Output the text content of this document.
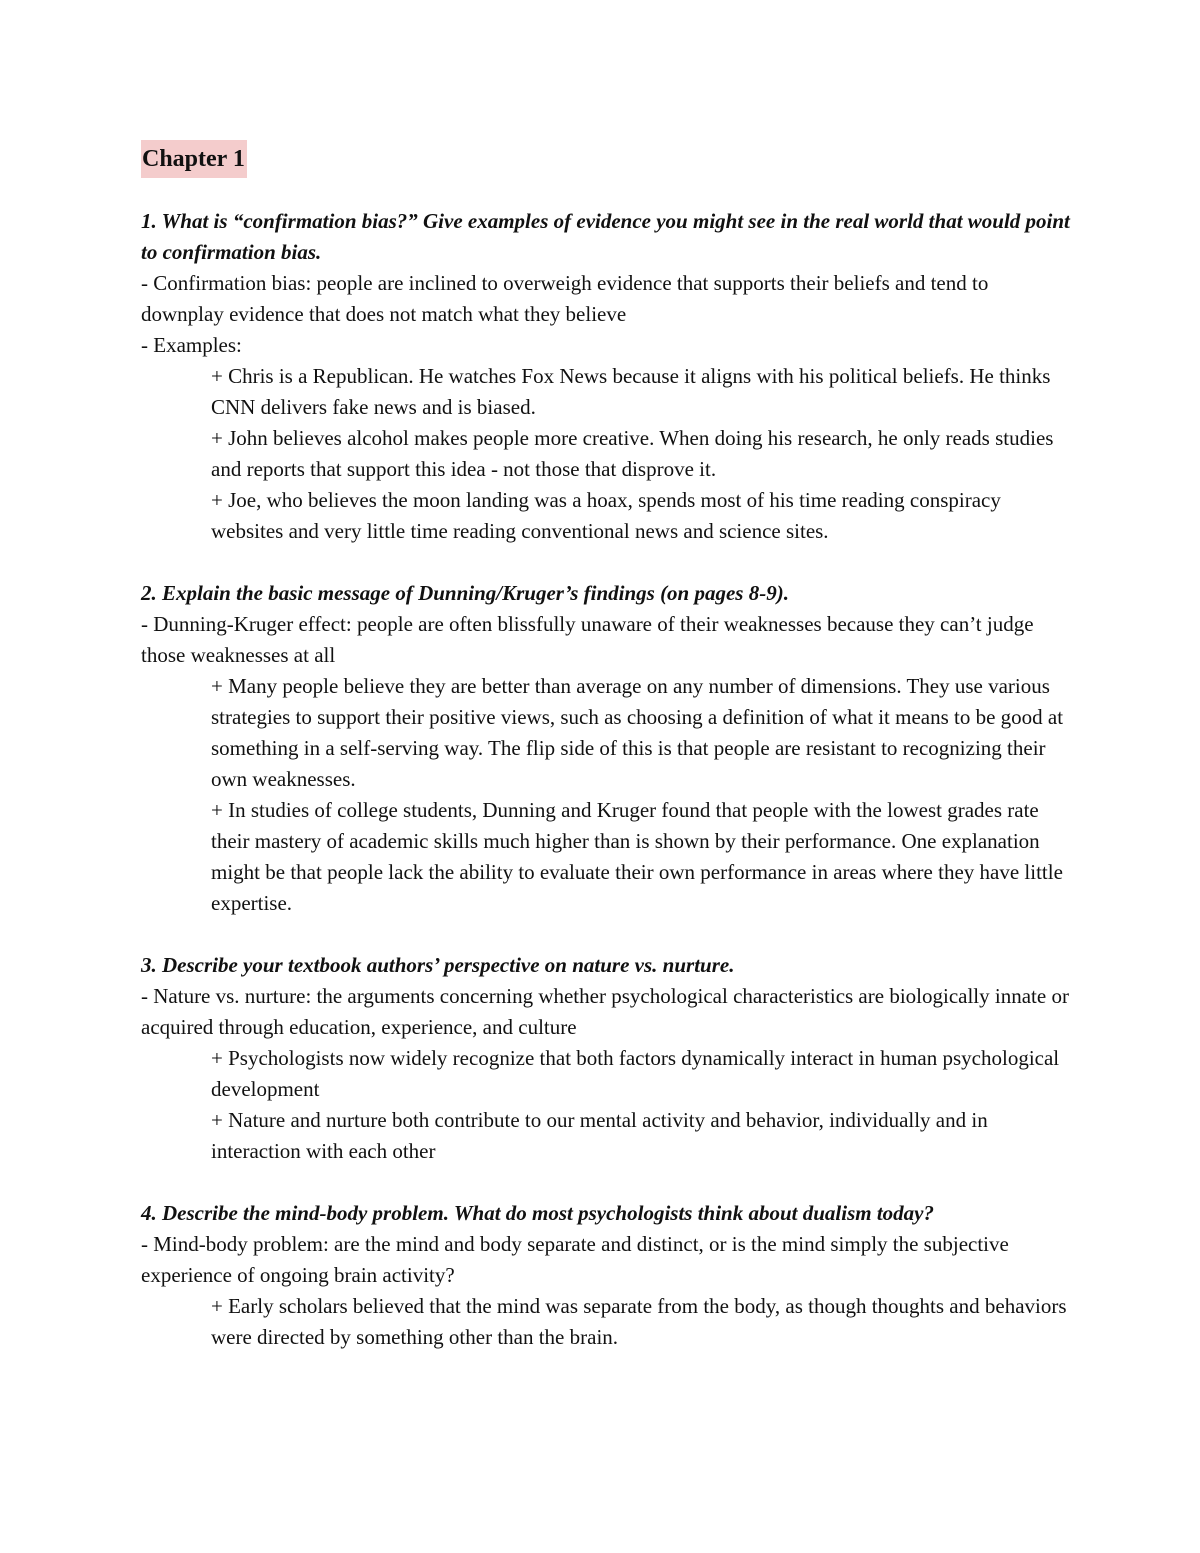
Chapter 1

1. What is “confirmation bias?” Give examples of evidence you might see in the real world that would point to confirmation bias.

- Confirmation bias: people are inclined to overweigh evidence that supports their beliefs and tend to downplay evidence that does not match what they believe

- Examples:

+ Chris is a Republican. He watches Fox News because it aligns with his political beliefs. He thinks CNN delivers fake news and is biased.

+ John believes alcohol makes people more creative. When doing his research, he only reads studies and reports that support this idea - not those that disprove it.

+ Joe, who believes the moon landing was a hoax, spends most of his time reading conspiracy websites and very little time reading conventional news and science sites.

2. Explain the basic message of Dunning/Kruger’s findings (on pages 8-9).

- Dunning-Kruger effect: people are often blissfully unaware of their weaknesses because they can’t judge those weaknesses at all

+ Many people believe they are better than average on any number of dimensions. They use various strategies to support their positive views, such as choosing a definition of what it means to be good at something in a self-serving way. The flip side of this is that people are resistant to recognizing their own weaknesses.

+ In studies of college students, Dunning and Kruger found that people with the lowest grades rate their mastery of academic skills much higher than is shown by their performance. One explanation might be that people lack the ability to evaluate their own performance in areas where they have little expertise.

3. Describe your textbook authors’ perspective on nature vs. nurture.

- Nature vs. nurture: the arguments concerning whether psychological characteristics are biologically innate or acquired through education, experience, and culture

+ Psychologists now widely recognize that both factors dynamically interact in human psychological development

+ Nature and nurture both contribute to our mental activity and behavior, individually and in interaction with each other

4. Describe the mind-body problem. What do most psychologists think about dualism today?

- Mind-body problem: are the mind and body separate and distinct, or is the mind simply the subjective experience of ongoing brain activity?

+ Early scholars believed that the mind was separate from the body, as though thoughts and behaviors were directed by something other than the brain.
